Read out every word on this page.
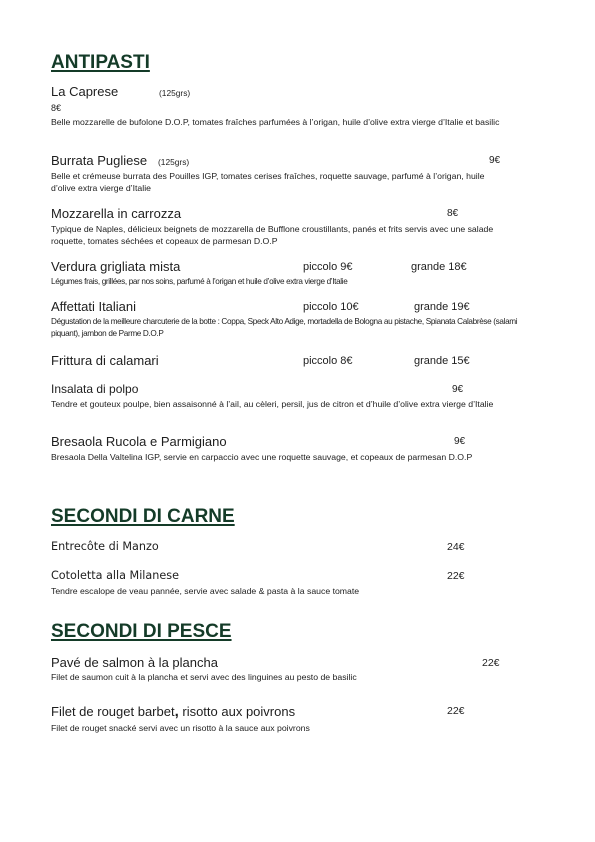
ANTIPASTI
La Caprese	(125grs)
8€
Belle mozzarelle de bufolone D.O.P, tomates fraîches parfumées à l’origan, huile d’olive extra vierge d’Italie et basilic
Burrata Pugliese (125grs)	9€
Belle et crémeuse burrata des Pouilles IGP, tomates cerises fraîches, roquette sauvage, parfumé à l’origan, huile d’olive extra vierge d’Italie
Mozzarella in carrozza	8€
Typique de Naples, délicieux beignets de mozzarella de Bufflone croustillants, panés et frits servis avec une salade roquette, tomates séchées et copeaux de parmesan D.O.P
Verdura grigliata mista	piccolo 9€	grande 18€
Légumes frais, grillées, par nos soins, parfumé à l’origan et huile d’olive extra vierge d’Italie
Affettati Italiani	piccolo 10€	grande 19€
Dégustation de la meilleure charcuterie de la botte : Coppa, Speck Alto Adige, mortadella de Bologna au pistache, Spianata Calabrèse (salami piquant), jambon de Parme D.O.P
Frittura di calamari	piccolo 8€	grande 15€
Insalata di polpo	9€
Tendre et gouteux poulpe, bien assaisonné à l’ail, au cèleri, persil, jus de citron et d’huile d’olive extra vierge d’Italie
Bresaola Rucola e Parmigiano	9€
Bresaola Della Valtelina IGP, servie en carpaccio avec une roquette sauvage, et copeaux de parmesan D.O.P
SECONDI DI CARNE
Entrecôte di Manzo	24€
Cotoletta alla Milanese	22€
Tendre escalope de veau pannée, servie avec salade & pasta à la sauce tomate
SECONDI DI PESCE
Pavé de salmon à la plancha	22€
Filet de saumon cuit à la plancha et servi avec des linguines au pesto de basilic
Filet de rouget barbet, risotto aux poivrons	22€
Filet de rouget snacké servi avec un risotto à la sauce aux poivrons
